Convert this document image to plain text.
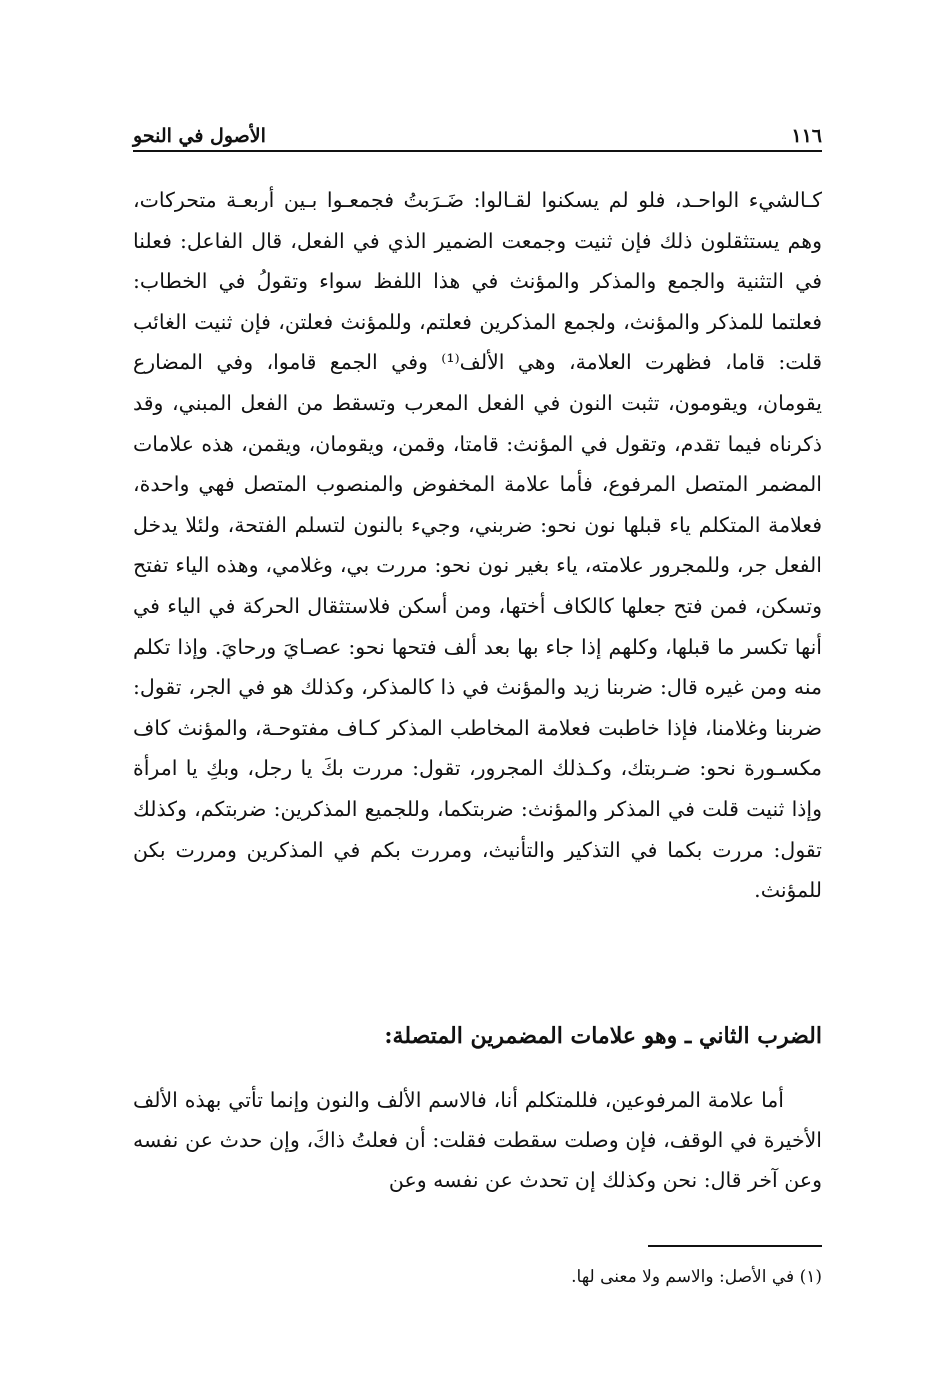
١١٦
الأصول في النحو

كـالشيء الواحـد، فلو لم يسكنوا لقـالوا: ضَـرَبتُ فجمعـوا بـين أربعـة متحركات، وهم يستثقلون ذلك فإن ثنيت وجمعت الضمير الذي في الفعل، قال الفاعل: فعلنا في التثنية والجمع والمذكر والمؤنث في هذا اللفظ سواء وتقولُ في الخطاب: فعلتما للمذكر والمؤنث، ولجمع المذكرين فعلتم، وللمؤنث فعلتن، فإن ثنيت الغائب قلت: قاما، فظهرت العلامة، وهي الألف⁽¹⁾ وفي الجمع قاموا، وفي المضارع يقومان، ويقومون، تثبت النون في الفعل المعرب وتسقط من الفعل المبني، وقد ذكرناه فيما تقدم، وتقول في المؤنث: قامتا، وقمن، ويقومان، ويقمن، هذه علامات المضمر المتصل المرفوع، فأما علامة المخفوض والمنصوب المتصل فهي واحدة، فعلامة المتكلم ياء قبلها نون نحو: ضربني، وجيء بالنون لتسلم الفتحة، ولئلا يدخل الفعل جر، وللمجرور علامته، ياء بغير نون نحو: مررت بي، وغلامي، وهذه الياء تفتح وتسكن، فمن فتح جعلها كالكاف أختها، ومن أسكن فلاستثقال الحركة في الياء في أنها تكسر ما قبلها، وكلهم إذا جاء بها بعد ألف فتحها نحو: عصـايَ ورحايَ. وإذا تكلم منه ومن غيره قال: ضربنا زيد والمؤنث في ذا كالمذكر، وكذلك هو في الجر، تقول: ضربنا وغلامنا، فإذا خاطبت فعلامة المخاطب المذكر كـاف مفتوحـة، والمؤنث كاف مكسـورة نحو: ضـربتك، وكـذلك المجرور، تقول: مررت بكَ يا رجل، وبكِ يا امرأة وإذا ثنيت قلت في المذكر والمؤنث: ضربتكما، وللجميع المذكرين: ضربتكم، وكذلك تقول: مررت بكما في التذكير والتأنيث، ومررت بكم في المذكرين ومررت بكن للمؤنث.

الضرب الثاني ـ وهو علامات المضمرين المتصلة:

أما علامة المرفوعين، فللمتكلم أنا، فالاسم الألف والنون وإنما تأتي بهذه الألف الأخيرة في الوقف، فإن وصلت سقطت فقلت: أن فعلتُ ذاكَ، وإن حدث عن نفسه وعن آخر قال: نحن وكذلك إن تحدث عن نفسه وعن

(١) في الأصل: والاسم ولا معنى لها.
